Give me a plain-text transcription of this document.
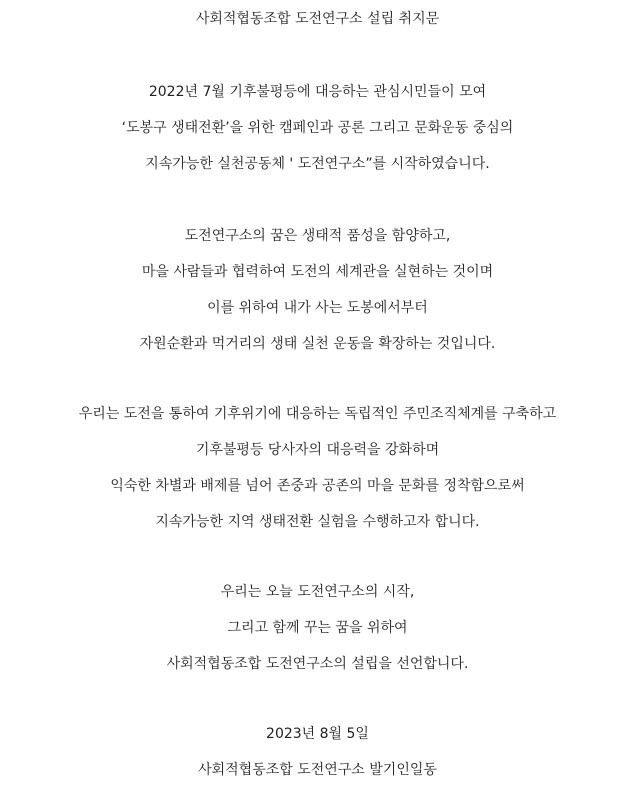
사회적협동조합 도전연구소 설립 취지문
2022년 7월 기후불평등에 대응하는 관심시민들이 모여
‘도봉구 생태전환’을 위한 캠페인과 공론 그리고 문화운동 중심의
지속가능한 실천공동체 ' 도전연구소”를 시작하였습니다.
도전연구소의 꿈은 생태적 품성을 함양하고,
마을 사람들과 협력하여 도전의 세계관을 실현하는 것이며
이를 위하여 내가 사는 도봉에서부터
자원순환과 먹거리의 생태 실천 운동을 확장하는 것입니다.
우리는 도전을 통하여 기후위기에 대응하는 독립적인 주민조직체계를 구축하고
기후불평등 당사자의 대응력을 강화하며
익숙한 차별과 배제를 넘어 존중과 공존의 마을 문화를 정착함으로써
지속가능한 지역 생태전환 실험을 수행하고자 합니다.
우리는 오늘 도전연구소의 시작,
그리고 함께 꾸는 꿈을 위하여
사회적협동조합 도전연구소의 설립을 선언합니다.
2023년 8월 5일
사회적협동조합 도전연구소 발기인일동
